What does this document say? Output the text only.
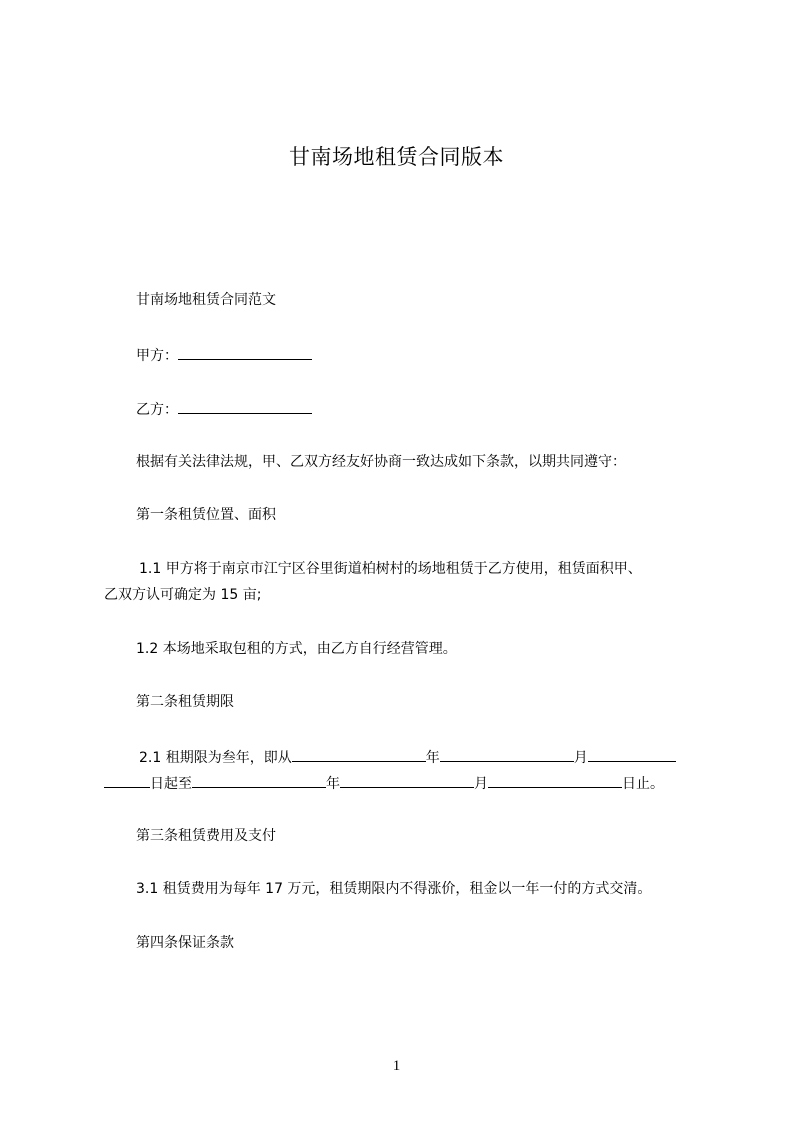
甘南场地租赁合同版本
甘南场地租赁合同范文
甲方：
乙方：
根据有关法律法规，甲、乙双方经友好协商一致达成如下条款，以期共同遵守：
第一条租赁位置、面积
1.1 甲方将于南京市江宁区谷里街道柏树村的场地租赁于乙方使用，租赁面积甲、
乙双方认可确定为 15 亩;
1.2 本场地采取包租的方式，由乙方自行经营管理。
第二条租赁期限
2.1 租期限为叁年，即从	年	月
日起至	年	月	日止。
第三条租赁费用及支付
3.1 租赁费用为每年 17 万元，租赁期限内不得涨价，租金以一年一付的方式交清。
第四条保证条款
1
